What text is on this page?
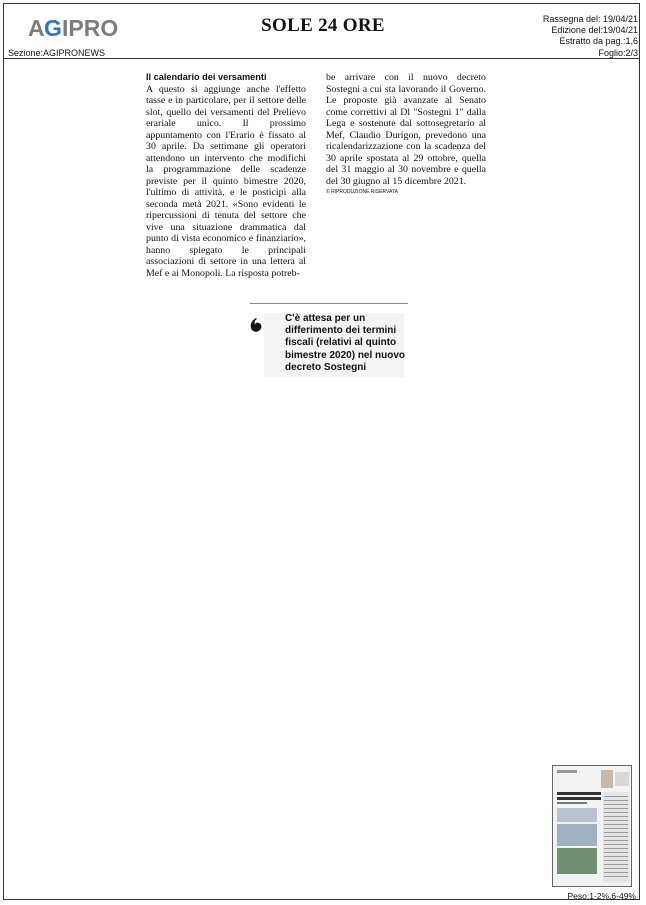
A G IPRO	SOLE 24 ORE	Rassegna del: 19/04/21
Edizione del:19/04/21
Estratto da pag.:1,6
Foglio:2/3
Sezione:AGIPRONEWS
Il calendario dei versamenti
A questo si aggiunge anche l'effetto tasse e in particolare, per il settore delle slot, quello dei versamenti del Prelievo erariale unico. Il prossimo appuntamento con l'Erario è fissato al 30 aprile. Da settimane gli operatori attendono un intervento che modifichi la programmazione delle scadenze previste per il quinto bimestre 2020, l'ultimo di attività, e le posticipi alla seconda metà 2021. «Sono evidenti le ripercussioni di tenuta del settore che vive una situazione drammatica dal punto di vista economico e finanziario», hanno spiegato le principali associazioni di settore in una lettera al Mef e ai Monopoli. La risposta potreb-
be arrivare con il nuovo decreto Sostegni a cui sta lavorando il Governo. Le proposte già avanzate al Senato come correttivi al Dl "Sostegni 1" dalla Lega e sostenute dal sottosegretario al Mef, Claudio Durigon, prevedono una ricalendarizzazione con la scadenza del 30 aprile spostata al 29 ottobre, quella del 31 maggio al 30 novembre e quella del 30 giugno al 15 dicembre 2021.
© RIPRODUZIONE RISERVATA
C'è attesa per un differimento dei termini fiscali (relativi al quinto bimestre 2020) nel nuovo decreto Sostegni
Peso:1-2%,6-49%
